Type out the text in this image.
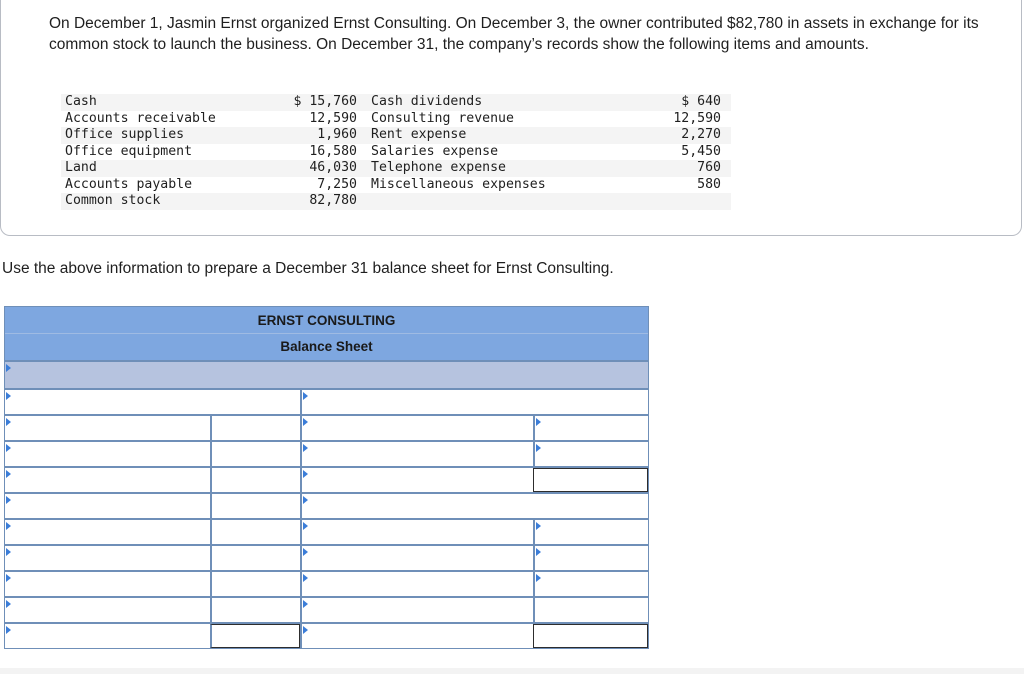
On December 1, Jasmin Ernst organized Ernst Consulting. On December 3, the owner contributed $82,780 in assets in exchange for its common stock to launch the business. On December 31, the company’s records show the following items and amounts.

Cash	$ 15,760	Cash dividends	$ 640
Accounts receivable	12,590	Consulting revenue	12,590
Office supplies	1,960	Rent expense	2,270
Office equipment	16,580	Salaries expense	5,450
Land	46,030	Telephone expense	760
Accounts payable	7,250	Miscellaneous expenses	580
Common stock	82,780		

Use the above information to prepare a December 31 balance sheet for Ernst Consulting.

ERNST CONSULTING
Balance Sheet
